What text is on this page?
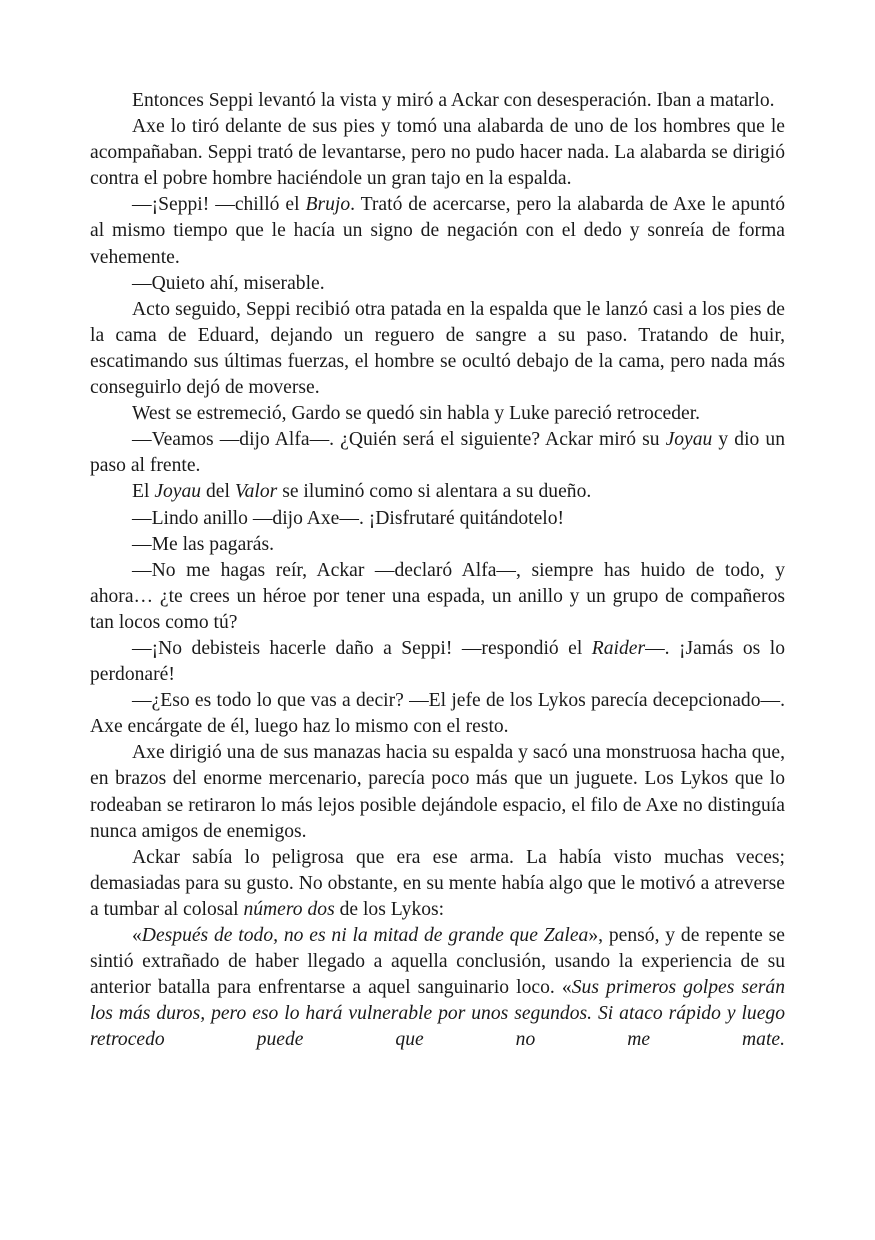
Entonces Seppi levantó la vista y miró a Ackar con desesperación. Iban a matarlo.

Axe lo tiró delante de sus pies y tomó una alabarda de uno de los hombres que le acompañaban. Seppi trató de levantarse, pero no pudo hacer nada. La alabarda se dirigió contra el pobre hombre haciéndole un gran tajo en la espalda.

—¡Seppi! —chilló el Brujo. Trató de acercarse, pero la alabarda de Axe le apuntó al mismo tiempo que le hacía un signo de negación con el dedo y sonreía de forma vehemente.

—Quieto ahí, miserable.

Acto seguido, Seppi recibió otra patada en la espalda que le lanzó casi a los pies de la cama de Eduard, dejando un reguero de sangre a su paso. Tratando de huir, escatimando sus últimas fuerzas, el hombre se ocultó debajo de la cama, pero nada más conseguirlo dejó de moverse.

West se estremeció, Gardo se quedó sin habla y Luke pareció retroceder.

—Veamos —dijo Alfa—. ¿Quién será el siguiente? Ackar miró su Joyau y dio un paso al frente.

El Joyau del Valor se iluminó como si alentara a su dueño.

—Lindo anillo —dijo Axe—. ¡Disfrutaré quitándotelo!

—Me las pagarás.

—No me hagas reír, Ackar —declaró Alfa—, siempre has huido de todo, y ahora… ¿te crees un héroe por tener una espada, un anillo y un grupo de compañeros tan locos como tú?

—¡No debisteis hacerle daño a Seppi! —respondió el Raider—. ¡Jamás os lo perdonaré!

—¿Eso es todo lo que vas a decir? —El jefe de los Lykos parecía decepcionado—. Axe encárgate de él, luego haz lo mismo con el resto.

Axe dirigió una de sus manazas hacia su espalda y sacó una monstruosa hacha que, en brazos del enorme mercenario, parecía poco más que un juguete. Los Lykos que lo rodeaban se retiraron lo más lejos posible dejándole espacio, el filo de Axe no distinguía nunca amigos de enemigos.

Ackar sabía lo peligrosa que era ese arma. La había visto muchas veces; demasiadas para su gusto. No obstante, en su mente había algo que le motivó a atreverse a tumbar al colosal número dos de los Lykos:

«Después de todo, no es ni la mitad de grande que Zalea», pensó, y de repente se sintió extrañado de haber llegado a aquella conclusión, usando la experiencia de su anterior batalla para enfrentarse a aquel sanguinario loco. «Sus primeros golpes serán los más duros, pero eso lo hará vulnerable por unos segundos. Si ataco rápido y luego retrocedo puede que no me mate.
